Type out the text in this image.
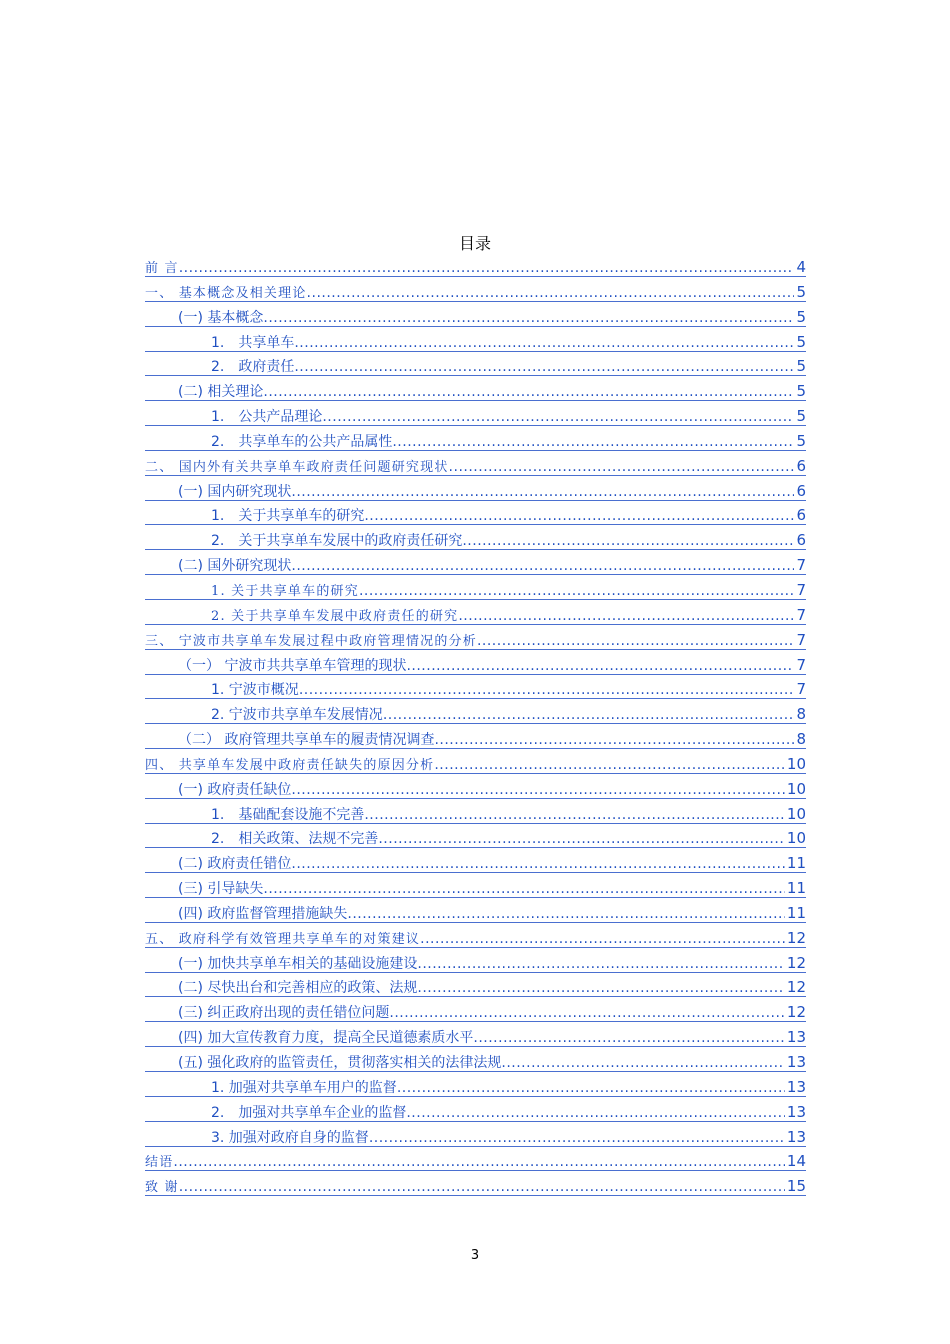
目录
前 言 .....	4
一、 基本概念及相关理论 .....	5
(一) 基本概念 .....	5
1.　共享单车 .....	5
2.　政府责任 .....	5
(二) 相关理论 .....	5
1.　公共产品理论 .....	5
2.　共享单车的公共产品属性 .....	5
二、 国内外有关共享单车政府责任问题研究现状 .....	6
(一) 国内研究现状 .....	6
1.　关于共享单车的研究 .....	6
2.　关于共享单车发展中的政府责任研究 .....	6
(二) 国外研究现状 .....	7
1. 关于共享单车的研究 .....	7
2. 关于共享单车发展中政府责任的研究 .....	7
三、 宁波市共享单车发展过程中政府管理情况的分析 .....	7
（一） 宁波市共共享单车管理的现状 .....	7
1. 宁波市概况 .....	7
2. 宁波市共享单车发展情况 .....	8
（二） 政府管理共享单车的履责情况调查 .....	8
四、 共享单车发展中政府责任缺失的原因分析 .....	10
(一) 政府责任缺位 .....	10
1.　基础配套设施不完善 .....	10
2.　相关政策、法规不完善 .....	10
(二) 政府责任错位 .....	11
(三) 引导缺失 .....	11
(四) 政府监督管理措施缺失 .....	11
五、 政府科学有效管理共享单车的对策建议 .....	12
(一) 加快共享单车相关的基础设施建设 .....	12
(二) 尽快出台和完善相应的政策、法规 .....	12
(三) 纠正政府出现的责任错位问题 .....	12
(四) 加大宣传教育力度，提高全民道德素质水平 .....	13
(五) 强化政府的监管责任，贯彻落实相关的法律法规 .....	13
1. 加强对共享单车用户的监督 .....	13
2.　加强对共享单车企业的监督 .....	13
3. 加强对政府自身的监督 .....	13
结语 .....	14
致 谢 .....	15
3
